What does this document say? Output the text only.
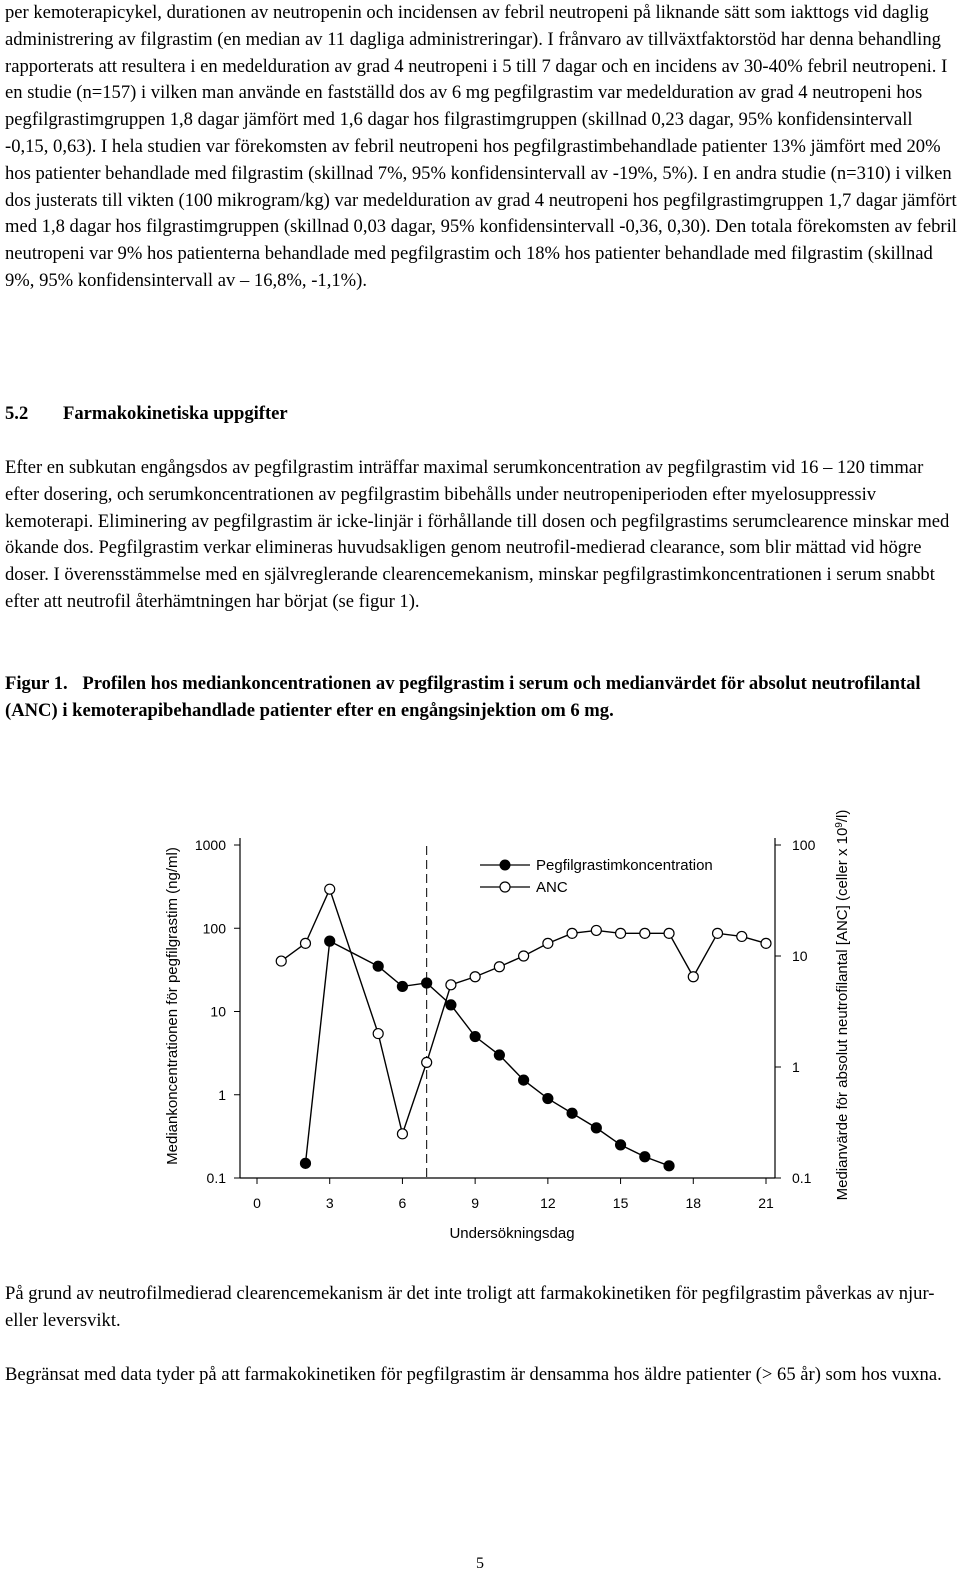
per kemoterapicykel, durationen av neutropenin och incidensen av febril neutropeni på liknande sätt som iakttogs vid daglig administrering av filgrastim (en median av 11 dagliga administreringar). I frånvaro av tillväxtfaktorstöd har denna behandling rapporterats att resultera i en medelduration av grad 4 neutropeni i 5 till 7 dagar och en incidens av 30-40% febril neutropeni. I en studie (n=157) i vilken man använde en fastställd dos av 6 mg pegfilgrastim var medelduration av grad 4 neutropeni hos pegfilgrastimgruppen 1,8 dagar jämfört med 1,6 dagar hos filgrastimgruppen (skillnad 0,23 dagar, 95% konfidensintervall -0,15, 0,63). I hela studien var förekomsten av febril neutropeni hos pegfilgrastimbehandlade patienter 13% jämfört med 20% hos patienter behandlade med filgrastim (skillnad 7%, 95% konfidensintervall av -19%, 5%). I en andra studie (n=310) i vilken dos justerats till vikten (100 mikrogram/kg) var medelduration av grad 4 neutropeni hos pegfilgrastimgruppen 1,7 dagar jämfört med 1,8 dagar hos filgrastimgruppen (skillnad 0,03 dagar, 95% konfidensintervall -0,36, 0,30). Den totala förekomsten av febril neutropeni var 9% hos patienterna behandlade med pegfilgrastim och 18% hos patienter behandlade med filgrastim (skillnad 9%, 95% konfidensintervall av – 16,8%, -1,1%).

5.2 Farmakokinetiska uppgifter

Efter en subkutan engångsdos av pegfilgrastim inträffar maximal serumkoncentration av pegfilgrastim vid 16 – 120 timmar efter dosering, och serumkoncentrationen av pegfilgrastim bibehålls under neutropeniperioden efter myelosuppressiv kemoterapi. Eliminering av pegfilgrastim är icke-linjär i förhållande till dosen och pegfilgrastims serumclearence minskar med ökande dos. Pegfilgrastim verkar elimineras huvudsakligen genom neutrofil-medierad clearance, som blir mättad vid högre doser. I överensstämmelse med en självreglerande clearencemekanism, minskar pegfilgrastimkoncentrationen i serum snabbt efter att neutrofil återhämtningen har börjat (se figur 1).

Figur 1. Profilen hos mediankoncentrationen av pegfilgrastim i serum och medianvärdet för absolut neutrofilantal (ANC) i kemoterapibehandlade patienter efter en engångsinjektion om 6 mg.

0.1
1
10
100
1000
0.1
1
10
100
0	3	6	9	12	15	18	21
Undersökningsdag
Mediankoncentrationen för pegfilgrastim (ng/ml)	Medianvärde för absolut neutrofilantal [ANC] (celler x $10^9/l$)
Pegfilgrastimkoncentration
ANC

På grund av neutrofilmedierad clearencemekanism är det inte troligt att farmakokinetiken för pegfilgrastim påverkas av njur- eller leversvikt.

Begränsat med data tyder på att farmakokinetiken för pegfilgrastim är densamma hos äldre patienter (> 65 år) som hos vuxna.

5
